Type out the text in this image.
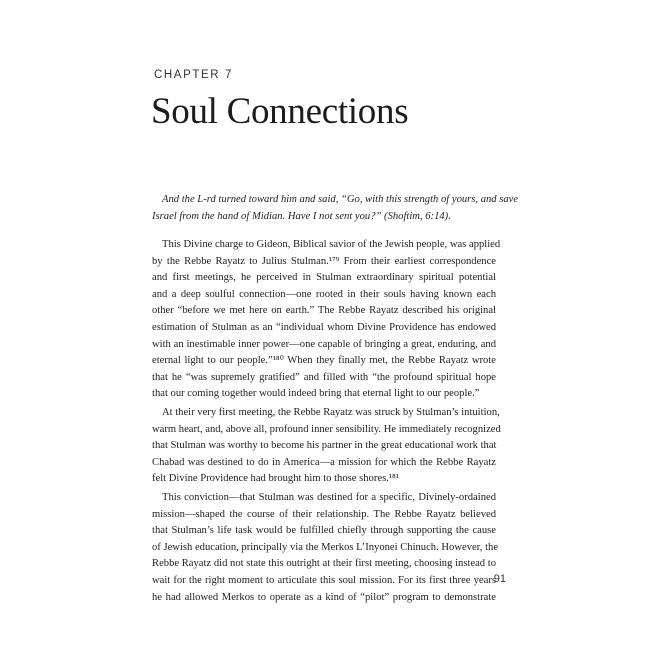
CHAPTER 7
Soul Connections
And the L-rd turned toward him and said, “Go, with this strength of yours, and save
Israel from the hand of Midian. Have I not sent you?” (Shoftim, 6:14).
This Divine charge to Gideon, Biblical savior of the Jewish people, was applied
by the Rebbe Rayatz to Julius Stulman.¹⁷⁹ From their earliest correspondence
and first meetings, he perceived in Stulman extraordinary spiritual potential
and a deep soulful connection—one rooted in their souls having known each
other “before we met here on earth.” The Rebbe Rayatz described his original
estimation of Stulman as an “individual whom Divine Providence has endowed
with an inestimable inner power—one capable of bringing a great, enduring, and
eternal light to our people.”¹⁸⁰ When they finally met, the Rebbe Rayatz wrote
that he “was supremely gratified” and filled with “the profound spiritual hope
that our coming together would indeed bring that eternal light to our people.”
At their very first meeting, the Rebbe Rayatz was struck by Stulman’s intuition,
warm heart, and, above all, profound inner sensibility. He immediately recognized
that Stulman was worthy to become his partner in the great educational work that
Chabad was destined to do in America—a mission for which the Rebbe Rayatz
felt Divine Providence had brought him to those shores.¹⁸¹
This conviction—that Stulman was destined for a specific, Divinely-ordained
mission—shaped the course of their relationship. The Rebbe Rayatz believed
that Stulman’s life task would be fulfilled chiefly through supporting the cause
of Jewish education, principally via the Merkos L’Inyonei Chinuch. However, the
Rebbe Rayatz did not state this outright at their first meeting, choosing instead to
wait for the right moment to articulate this soul mission. For its first three years
he had allowed Merkos to operate as a kind of “pilot” program to demonstrate
91
